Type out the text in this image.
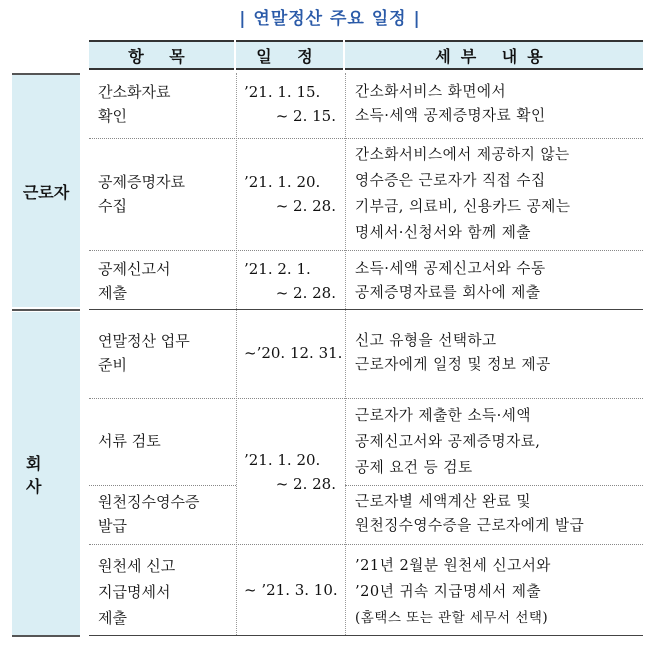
| 연말정산 주요 일정 |
항 목	일 정	세부 내용
근로자
회 사
간소화자료
확인
’21. 1. 15.
~ 2. 15.
간소화서비스 화면에서
소득·세액 공제증명자료 확인
공제증명자료
수집
’21. 1. 20.
~ 2. 28.
간소화서비스에서 제공하지 않는
영수증은 근로자가 직접 수집
기부금, 의료비, 신용카드 공제는
명세서·신청서와 함께 제출
공제신고서
제출
’21. 2. 1.
~ 2. 28.
소득·세액 공제신고서와 수동
공제증명자료를 회사에 제출
연말정산 업무
준비
~’20. 12. 31.
신고 유형을 선택하고
근로자에게 일정 및 정보 제공
서류 검토
’21. 1. 20.
~ 2. 28.
근로자가 제출한 소득·세액
공제신고서와 공제증명자료,
공제 요건 등 검토
원천징수영수증
발급
근로자별 세액계산 완료 및
원천징수영수증을 근로자에게 발급
원천세 신고
지급명세서
제출
~ ’21. 3. 10.
’21년 2월분 원천세 신고서와
’20년 귀속 지급명세서 제출
(홈택스 또는 관할 세무서 선택)
